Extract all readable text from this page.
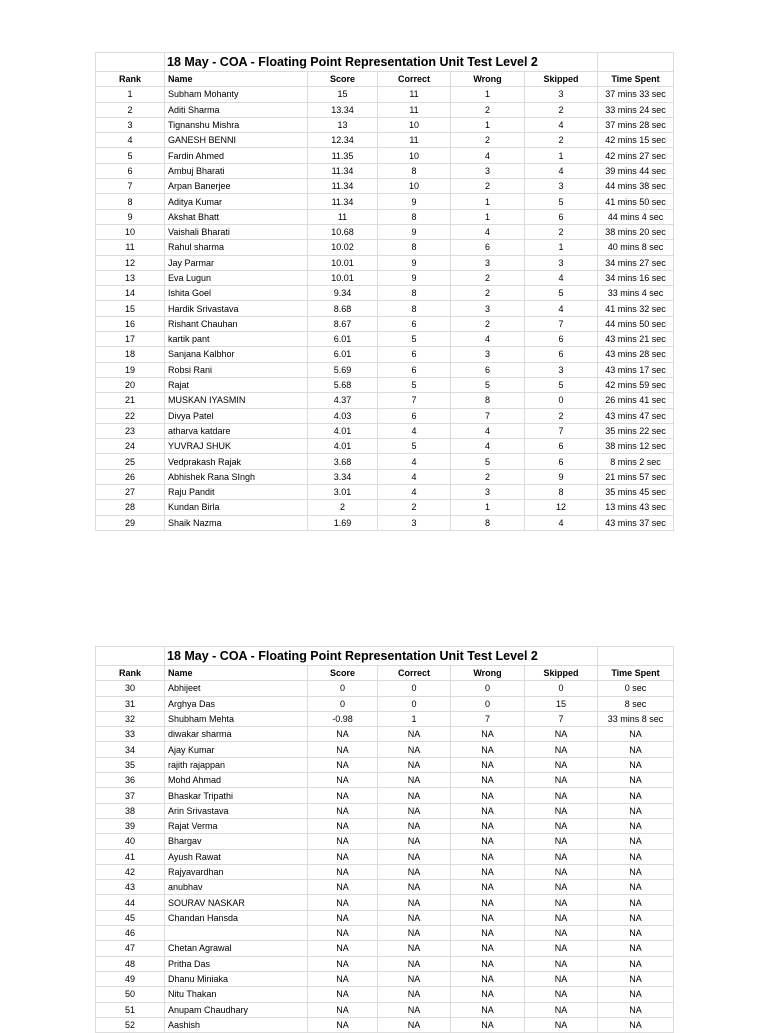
	18 May - COA - Floating Point Representation Unit Test Level 2					
Rank	Name	Score	Correct	Wrong	Skipped	Time Spent
1	Subham Mohanty	15	11	1	3	37 mins 33 sec
2	Aditi Sharma	13.34	11	2	2	33 mins 24 sec
3	Tignanshu Mishra	13	10	1	4	37 mins 28 sec
4	GANESH BENNI	12.34	11	2	2	42 mins 15 sec
5	Fardin Ahmed	11.35	10	4	1	42 mins 27 sec
6	Ambuj Bharati	11.34	8	3	4	39 mins 44 sec
7	Arpan Banerjee	11.34	10	2	3	44 mins 38 sec
8	Aditya Kumar	11.34	9	1	5	41 mins 50 sec
9	Akshat Bhatt	11	8	1	6	44 mins 4 sec
10	Vaishali Bharati	10.68	9	4	2	38 mins 20 sec
11	Rahul sharma	10.02	8	6	1	40 mins 8 sec
12	Jay Parmar	10.01	9	3	3	34 mins 27 sec
13	Eva Lugun	10.01	9	2	4	34 mins 16 sec
14	Ishita Goel	9.34	8	2	5	33 mins 4 sec
15	Hardik Srivastava	8.68	8	3	4	41 mins 32 sec
16	Rishant Chauhan	8.67	6	2	7	44 mins 50 sec
17	kartik pant	6.01	5	4	6	43 mins 21 sec
18	Sanjana Kalbhor	6.01	6	3	6	43 mins 28 sec
19	Robsi Rani	5.69	6	6	3	43 mins 17 sec
20	Rajat	5.68	5	5	5	42 mins 59 sec
21	MUSKAN IYASMIN	4.37	7	8	0	26 mins 41 sec
22	Divya Patel	4.03	6	7	2	43 mins 47 sec
23	atharva katdare	4.01	4	4	7	35 mins 22 sec
24	YUVRAJ SHUK	4.01	5	4	6	38 mins 12 sec
25	Vedprakash Rajak	3.68	4	5	6	8 mins 2 sec
26	Abhishek Rana SIngh	3.34	4	2	9	21 mins 57 sec
27	Raju Pandit	3.01	4	3	8	35 mins 45 sec
28	Kundan Birla	2	2	1	12	13 mins 43 sec
29	Shaik Nazma	1.69	3	8	4	43 mins 37 sec
	18 May - COA - Floating Point Representation Unit Test Level 2					
Rank	Name	Score	Correct	Wrong	Skipped	Time Spent
30	Abhijeet	0	0	0	0	0 sec
31	Arghya Das	0	0	0	15	8 sec
32	Shubham Mehta	-0.98	1	7	7	33 mins 8 sec
33	diwakar sharma	NA	NA	NA	NA	NA
34	Ajay Kumar	NA	NA	NA	NA	NA
35	rajith rajappan	NA	NA	NA	NA	NA
36	Mohd Ahmad	NA	NA	NA	NA	NA
37	Bhaskar Tripathi	NA	NA	NA	NA	NA
38	Arin Srivastava	NA	NA	NA	NA	NA
39	Rajat Verma	NA	NA	NA	NA	NA
40	Bhargav	NA	NA	NA	NA	NA
41	Ayush Rawat	NA	NA	NA	NA	NA
42	Rajyavardhan	NA	NA	NA	NA	NA
43	anubhav	NA	NA	NA	NA	NA
44	SOURAV NASKAR	NA	NA	NA	NA	NA
45	Chandan Hansda	NA	NA	NA	NA	NA
46		NA	NA	NA	NA	NA
47	Chetan Agrawal	NA	NA	NA	NA	NA
48	Pritha Das	NA	NA	NA	NA	NA
49	Dhanu Miniaka	NA	NA	NA	NA	NA
50	Nitu Thakan	NA	NA	NA	NA	NA
51	Anupam Chaudhary	NA	NA	NA	NA	NA
52	Aashish	NA	NA	NA	NA	NA
